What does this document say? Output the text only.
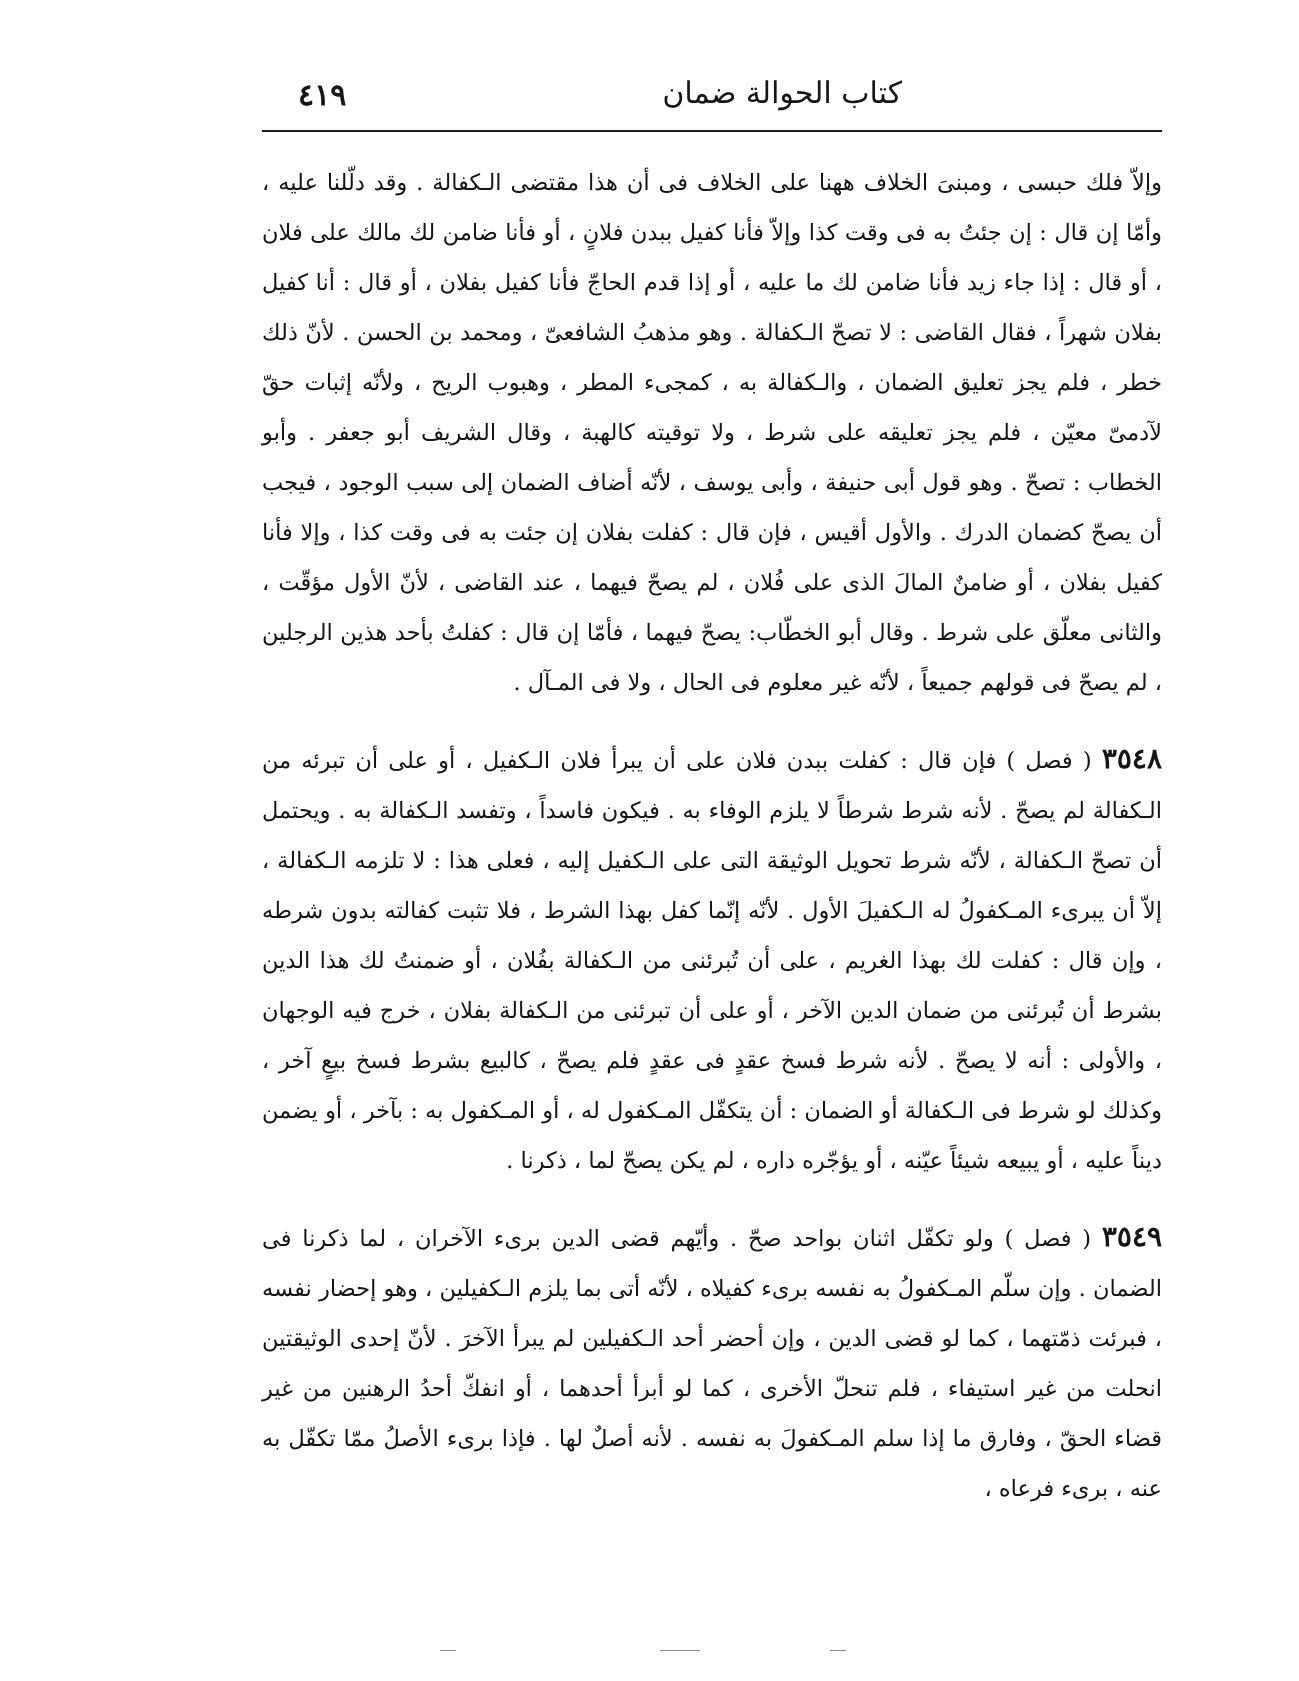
كتاب الحوالة ضمان
٤١٩

وإلاّ فلك حبسى ، ومبنىَ الخلاف ههنا على الخلاف فى أن هذا مقتضى الـكفالة . وقد دلّلنا عليه ، وأمّا إن قال : إن جئتُ به فى وقت كذا وإلاّ فأنا كفيل ببدن فلانٍ ، أو فأنا ضامن لك مالك على فلان ، أو قال : إذا جاء زيد فأنا ضامن لك ما عليه ، أو إذا قدم الحاجّ فأنا كفيل بفلان ، أو قال : أنا كفيل بفلان شهراً ، فقال القاضى : لا تصحّ الـكفالة . وهو مذهبُ الشافعىّ ، ومحمد بن الحسن . لأنّ ذلك خطر ، فلم يجز تعليق الضمان ، والـكفالة به ، كمجىء المطر ، وهبوب الريح ، ولأنّه إثبات حقّ لآدمىّ معيّن ، فلم يجز تعليقه على شرط ، ولا توقيته كالهبة ، وقال الشريف أبو جعفر . وأبو الخطاب : تصحّ . وهو قول أبى حنيفة ، وأبى يوسف ، لأنّه أضاف الضمان إلى سبب الوجود ، فيجب أن يصحّ كضمان الدرك . والأول أقيس ، فإن قال : كفلت بفلان إن جئت به فى وقت كذا ، وإلا فأنا كفيل بفلان ، أو ضامنٌ المالَ الذى على فُلان ، لم يصحّ فيهما ، عند القاضى ، لأنّ الأول مؤقّت ، والثانى معلّق على شرط . وقال أبو الخطّاب: يصحّ فيهما ، فأمّا إن قال : كفلتُ بأحد هذين الرجلين ، لم يصحّ فى قولهم جميعاً ، لأنّه غير معلوم فى الحال ، ولا فى المـآل .

٣٥٤٨ ( فصل ) فإن قال : كفلت ببدن فلان على أن يبرأ فلان الـكفيل ، أو على أن تبرئه من الـكفالة لم يصحّ . لأنه شرط شرطاً لا يلزم الوفاء به . فيكون فاسداً ، وتفسد الـكفالة به . ويحتمل أن تصحّ الـكفالة ، لأنّه شرط تحويل الوثيقة التى على الـكفيل إليه ، فعلى هذا : لا تلزمه الـكفالة ، إلاّ أن يبرىء المـكفولُ له الـكفيلَ الأول . لأنّه إنّما كفل بهذا الشرط ، فلا تثبت كفالته بدون شرطه ، وإن قال : كفلت لك بهذا الغريم ، على أن تُبرئنى من الـكفالة بفُلان ، أو ضمنتُ لك هذا الدين بشرط أن تُبرئنى من ضمان الدين الآخر ، أو على أن تبرئنى من الـكفالة بفلان ، خرج فيه الوجهان ، والأولى : أنه لا يصحّ . لأنه شرط فسخ عقدٍ فى عقدٍ فلم يصحّ ، كالبيع بشرط فسخ بيعٍ آخر ، وكذلك لو شرط فى الـكفالة أو الضمان : أن يتكفّل المـكفول له ، أو المـكفول به : بآخر ، أو يضمن ديناً عليه ، أو يبيعه شيئاً عيّنه ، أو يؤجّره داره ، لم يكن يصحّ لما ، ذكرنا .

٣٥٤٩ ( فصل ) ولو تكفّل اثنان بواحد صحّ . وأيّهم قضى الدين برىء الآخران ، لما ذكرنا فى الضمان . وإن سلّم المـكفولُ به نفسه برىء كفيلاه ، لأنّه أتى بما يلزم الـكفيلين ، وهو إحضار نفسه ، فبرئت ذمّتهما ، كما لو قضى الدين ، وإن أحضر أحد الـكفيلين لم يبرأ الآخرَ . لأنّ إحدى الوثيقتين انحلت من غير استيفاء ، فلم تنحلّ الأخرى ، كما لو أبرأ أحدهما ، أو انفكّ أحدُ الرهنين من غير قضاء الحقّ ، وفارق ما إذا سلم المـكفولَ به نفسه . لأنه أصلٌ لها . فإذا برىء الأصلُ ممّا تكفّل به عنه ، برىء فرعاه ،
